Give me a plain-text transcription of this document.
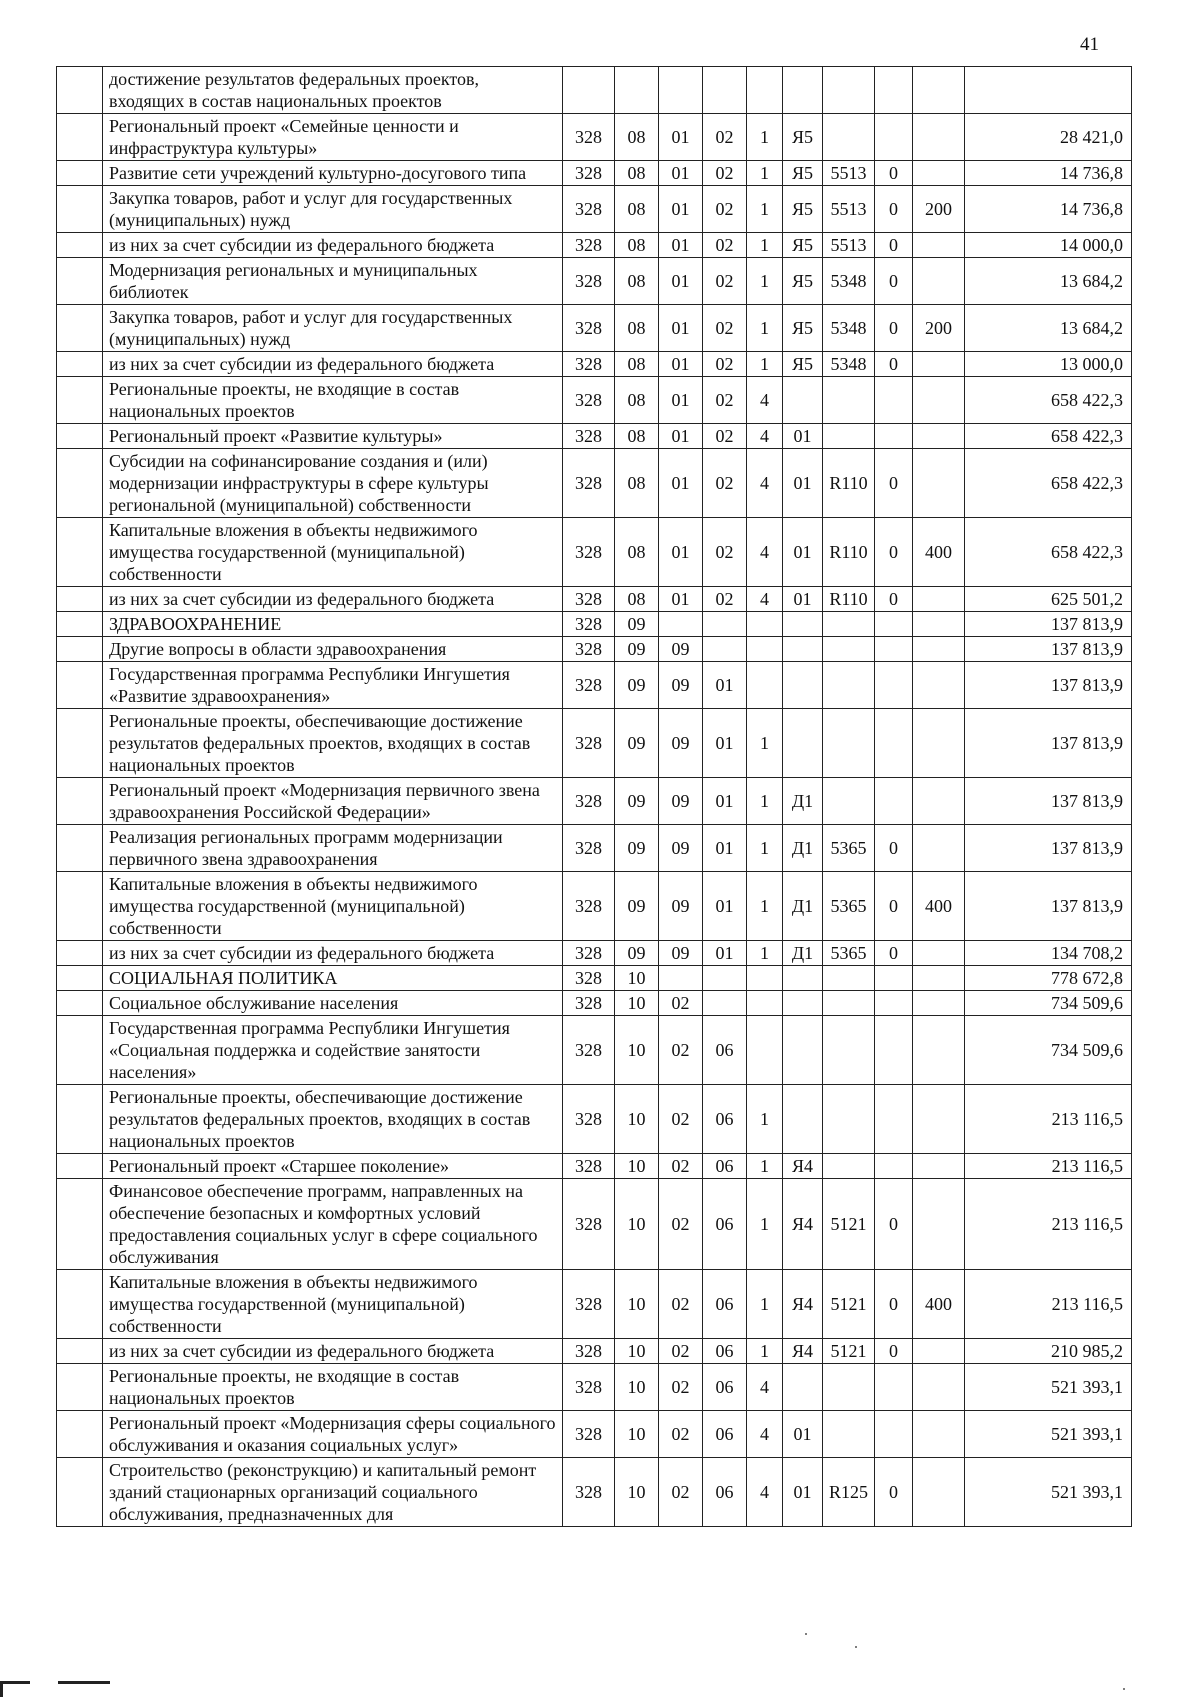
41
	достижение результатов федеральных проектов, входящих в состав национальных проектов										
	Региональный проект «Семейные ценности и инфраструктура культуры»	328	08	01	02	1	Я5				28 421,0
	Развитие сети учреждений культурно-досугового типа	328	08	01	02	1	Я5	5513	0		14 736,8
	Закупка товаров, работ и услуг для государственных (муниципальных) нужд	328	08	01	02	1	Я5	5513	0	200	14 736,8
	из них за счет субсидии из федерального бюджета	328	08	01	02	1	Я5	5513	0		14 000,0
	Модернизация региональных и муниципальных библиотек	328	08	01	02	1	Я5	5348	0		13 684,2
	Закупка товаров, работ и услуг для государственных (муниципальных) нужд	328	08	01	02	1	Я5	5348	0	200	13 684,2
	из них за счет субсидии из федерального бюджета	328	08	01	02	1	Я5	5348	0		13 000,0
	Региональные проекты, не входящие в состав национальных проектов	328	08	01	02	4					658 422,3
	Региональный проект «Развитие культуры»	328	08	01	02	4	01				658 422,3
	Субсидии на софинансирование создания и (или) модернизации инфраструктуры в сфере культуры региональной (муниципальной) собственности	328	08	01	02	4	01	R110	0		658 422,3
	Капитальные вложения в объекты недвижимого имущества государственной (муниципальной) собственности	328	08	01	02	4	01	R110	0	400	658 422,3
	из них за счет субсидии из федерального бюджета	328	08	01	02	4	01	R110	0		625 501,2
	ЗДРАВООХРАНЕНИЕ	328	09								137 813,9
	Другие вопросы в области здравоохранения	328	09	09							137 813,9
	Государственная программа Республики Ингушетия «Развитие здравоохранения»	328	09	09	01						137 813,9
	Региональные проекты, обеспечивающие достижение результатов федеральных проектов, входящих в состав национальных проектов	328	09	09	01	1					137 813,9
	Региональный проект «Модернизация первичного звена здравоохранения Российской Федерации»	328	09	09	01	1	Д1				137 813,9
	Реализация региональных программ модернизации первичного звена здравоохранения	328	09	09	01	1	Д1	5365	0		137 813,9
	Капитальные вложения в объекты недвижимого имущества государственной (муниципальной) собственности	328	09	09	01	1	Д1	5365	0	400	137 813,9
	из них за счет субсидии из федерального бюджета	328	09	09	01	1	Д1	5365	0		134 708,2
	СОЦИАЛЬНАЯ ПОЛИТИКА	328	10								778 672,8
	Социальное обслуживание населения	328	10	02							734 509,6
	Государственная программа Республики Ингушетия «Социальная поддержка и содействие занятости населения»	328	10	02	06						734 509,6
	Региональные проекты, обеспечивающие достижение результатов федеральных проектов, входящих в состав национальных проектов	328	10	02	06	1					213 116,5
	Региональный проект «Старшее поколение»	328	10	02	06	1	Я4				213 116,5
	Финансовое обеспечение программ, направленных на обеспечение безопасных и комфортных условий предоставления социальных услуг в сфере социального обслуживания	328	10	02	06	1	Я4	5121	0		213 116,5
	Капитальные вложения в объекты недвижимого имущества государственной (муниципальной) собственности	328	10	02	06	1	Я4	5121	0	400	213 116,5
	из них за счет субсидии из федерального бюджета	328	10	02	06	1	Я4	5121	0		210 985,2
	Региональные проекты, не входящие в состав национальных проектов	328	10	02	06	4					521 393,1
	Региональный проект «Модернизация сферы социального обслуживания и оказания социальных услуг»	328	10	02	06	4	01				521 393,1
	Строительство (реконструкцию) и капитальный ремонт зданий стационарных организаций социального обслуживания, предназначенных для	328	10	02	06	4	01	R125	0		521 393,1
